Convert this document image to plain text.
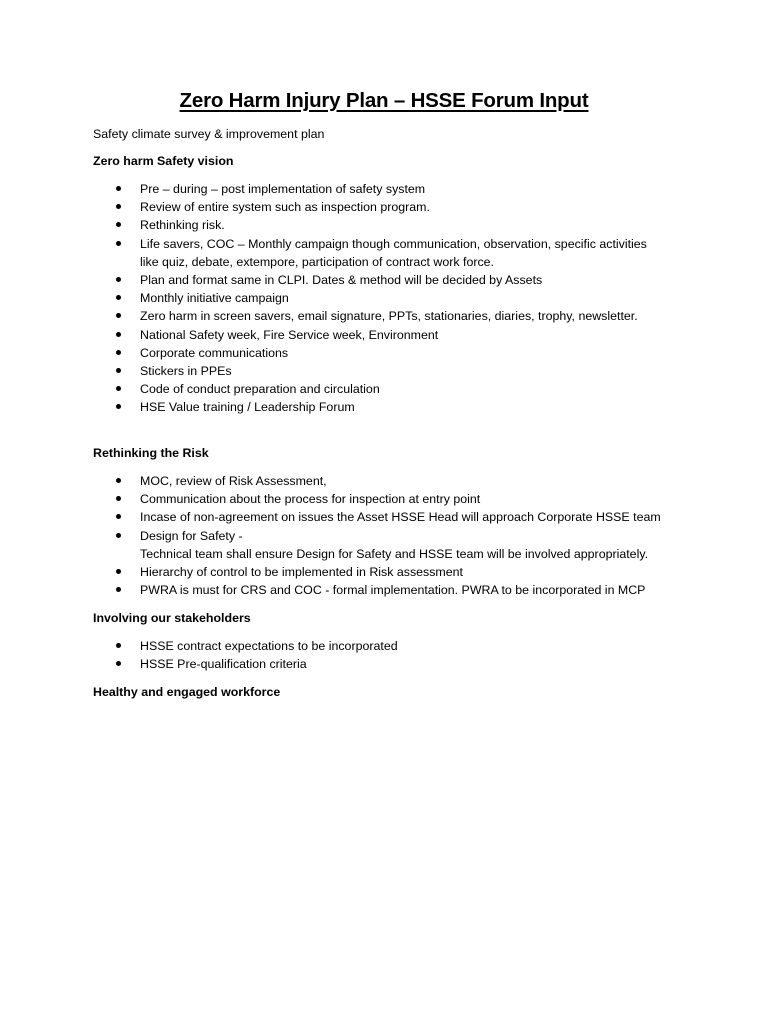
Zero Harm Injury Plan – HSSE Forum Input
Safety climate survey & improvement plan
Zero harm Safety vision
Pre – during – post implementation of safety system
Review of entire system such as inspection program.
Rethinking risk.
Life savers, COC – Monthly campaign though communication, observation, specific activities
like quiz, debate, extempore, participation of contract work force.
Plan and format same in CLPI. Dates & method will be decided by Assets
Monthly initiative campaign
Zero harm in screen savers, email signature, PPTs, stationaries, diaries, trophy, newsletter.
National Safety week, Fire Service week, Environment
Corporate communications
Stickers in PPEs
Code of conduct preparation and circulation
HSE Value training / Leadership Forum
Rethinking the Risk
MOC, review of Risk Assessment,
Communication about the process for inspection at entry point
Incase of non-agreement on issues the Asset HSSE Head will approach Corporate HSSE team
Design for Safety -
Technical team shall ensure Design for Safety and HSSE team will be involved appropriately.
Hierarchy of control to be implemented in Risk assessment
PWRA is must for CRS and COC - formal implementation. PWRA to be incorporated in MCP
Involving our stakeholders
HSSE contract expectations to be incorporated
HSSE Pre-qualification criteria
Healthy and engaged workforce
